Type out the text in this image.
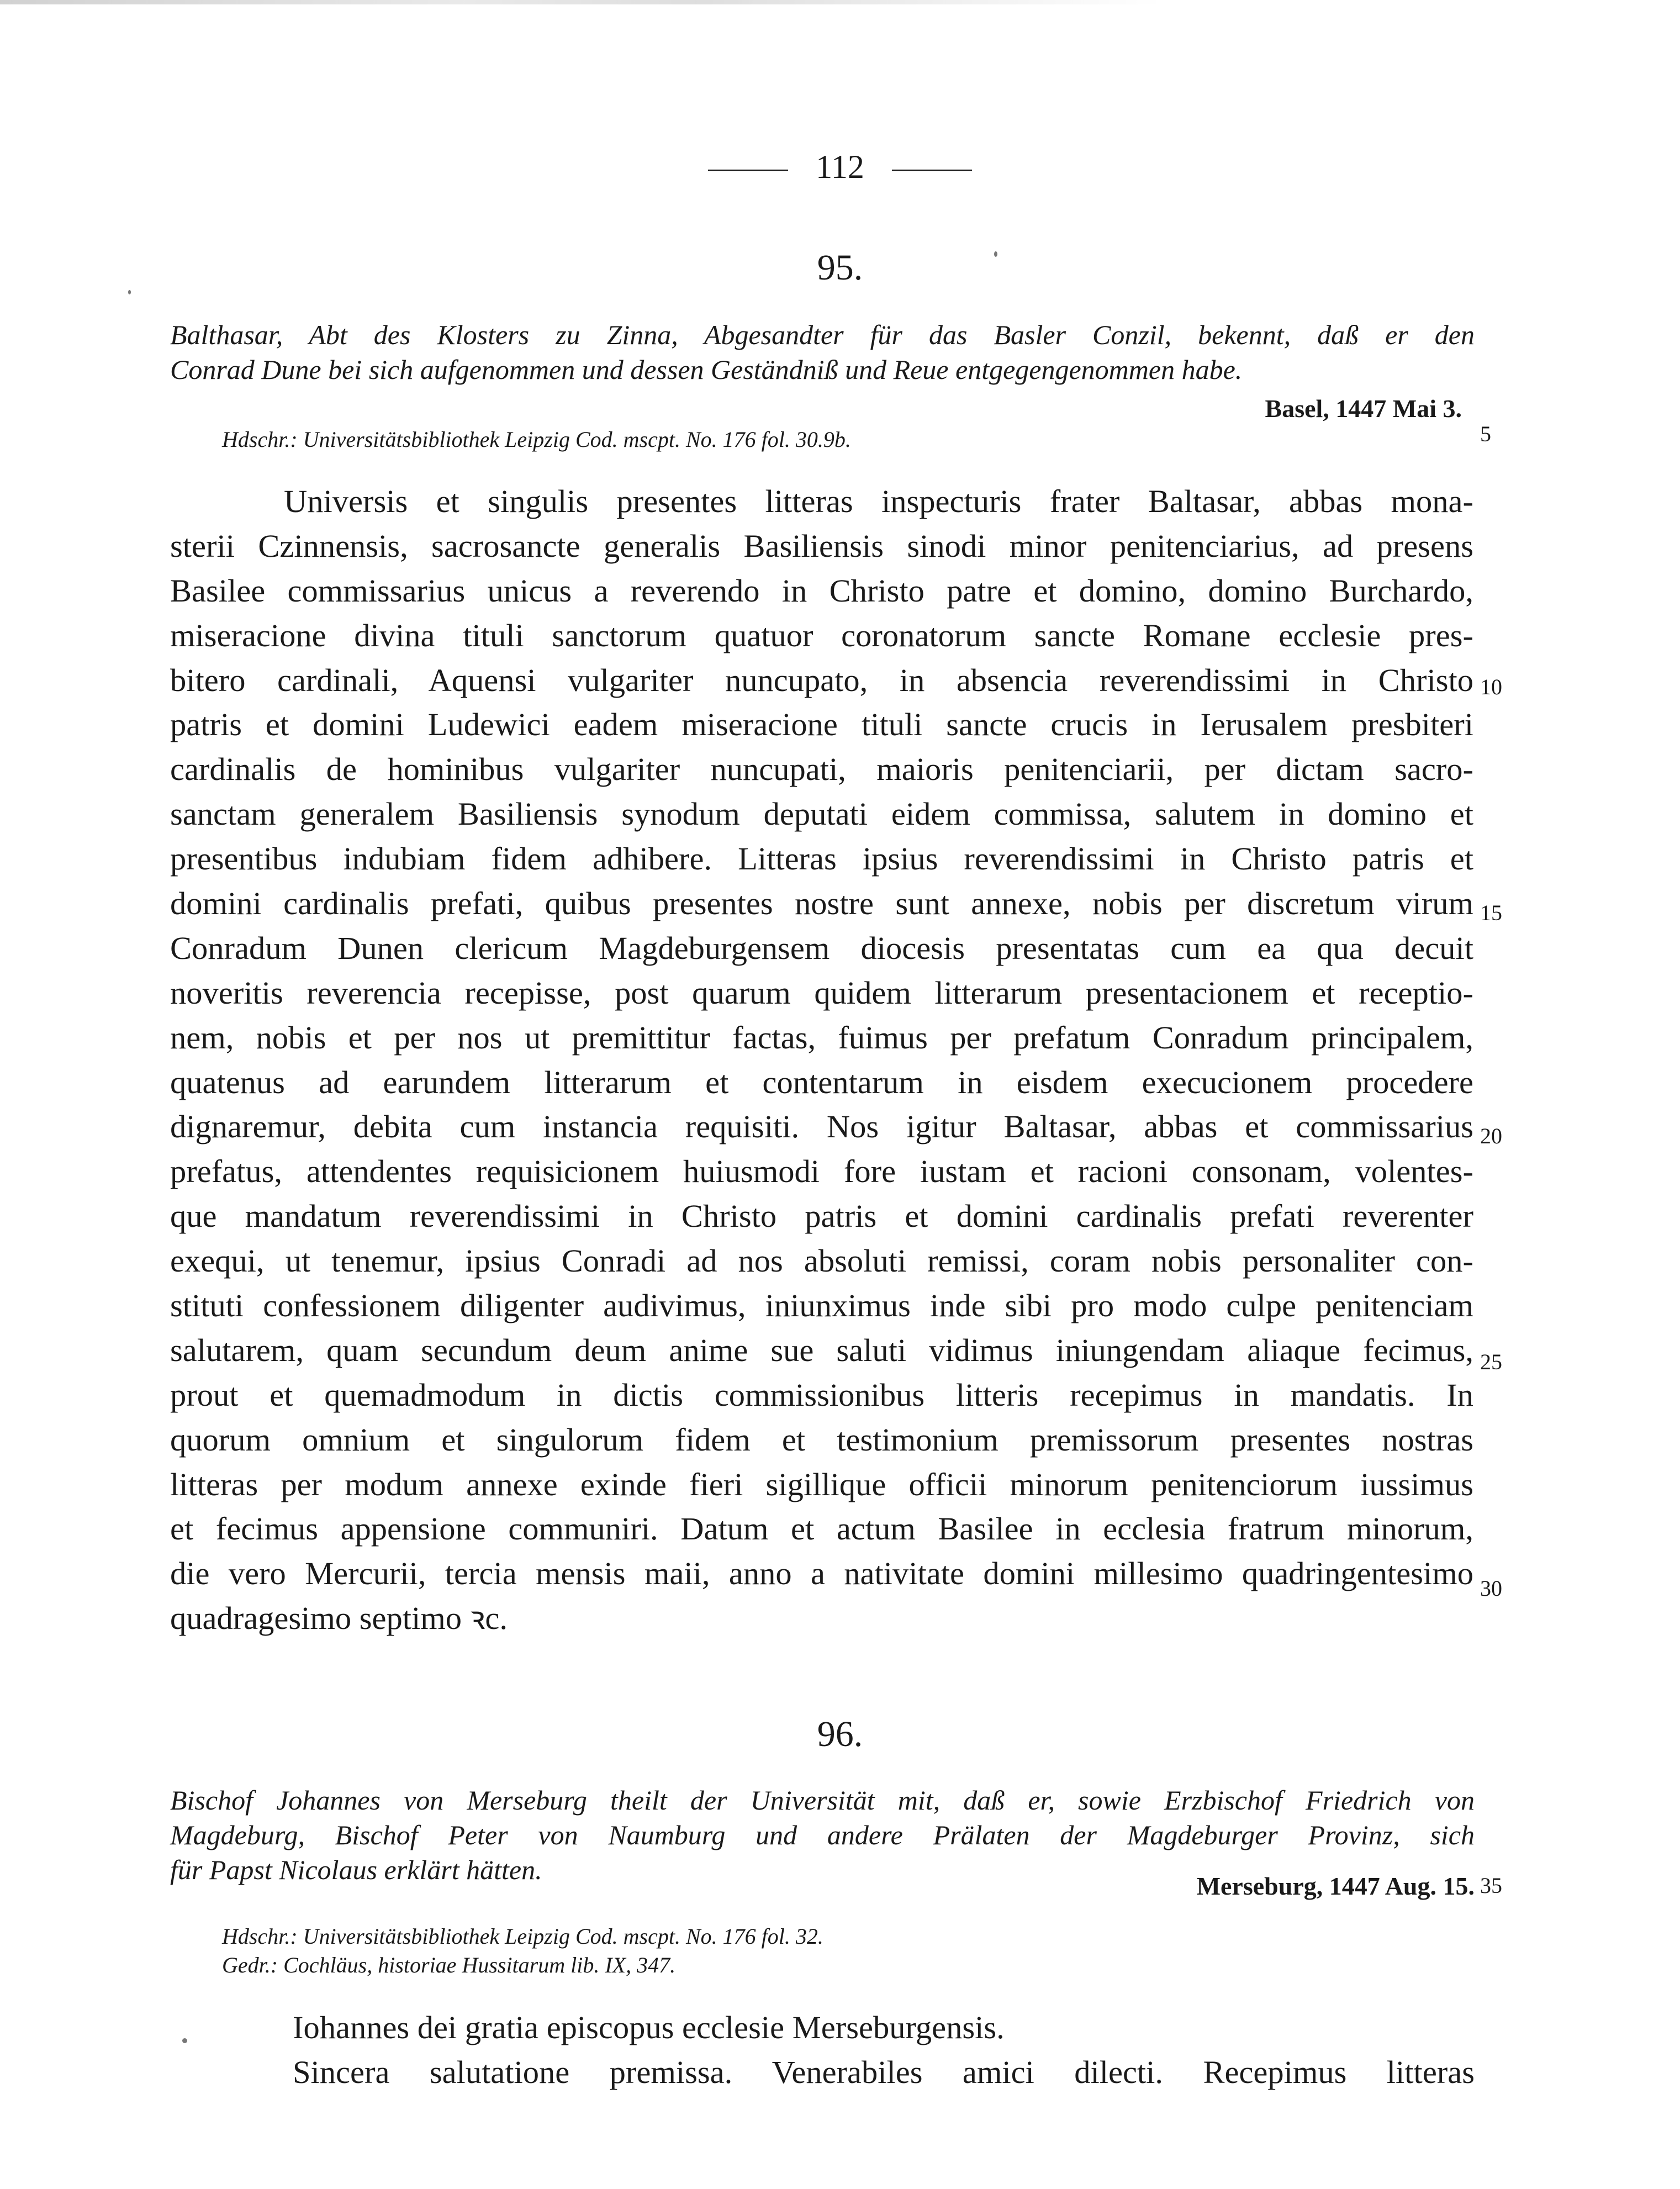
112
95.
Balthasar, Abt des Klosters zu Zinna, Abgesandter für das Basler Conzil, bekennt, daß er den
Conrad Dune bei sich aufgenommen und dessen Geständniß und Reue entgegengenommen habe.
Basel, 1447 Mai 3.
Hdschr.: Universitätsbibliothek Leipzig Cod. mscpt. No. 176 fol. 30.9b.
Universis et singulis presentes litteras inspecturis frater Baltasar, abbas mona-
sterii Czinnensis, sacrosancte generalis Basiliensis sinodi minor penitenciarius, ad presens
Basilee commissarius unicus a reverendo in Christo patre et domino, domino Burchardo,
miseracione divina tituli sanctorum quatuor coronatorum sancte Romane ecclesie pres-
bitero cardinali, Aquensi vulgariter nuncupato, in absencia reverendissimi in Christo
patris et domini Ludewici eadem miseracione tituli sancte crucis in Ierusalem presbiteri
cardinalis de hominibus vulgariter nuncupati, maioris penitenciarii, per dictam sacro-
sanctam generalem Basiliensis synodum deputati eidem commissa, salutem in domino et
presentibus indubiam fidem adhibere. Litteras ipsius reverendissimi in Christo patris et
domini cardinalis prefati, quibus presentes nostre sunt annexe, nobis per discretum virum
Conradum Dunen clericum Magdeburgensem diocesis presentatas cum ea qua decuit
noveritis reverencia recepisse, post quarum quidem litterarum presentacionem et receptio-
nem, nobis et per nos ut premittitur factas, fuimus per prefatum Conradum principalem,
quatenus ad earundem litterarum et contentarum in eisdem execucionem procedere
dignaremur, debita cum instancia requisiti. Nos igitur Baltasar, abbas et commissarius
prefatus, attendentes requisicionem huiusmodi fore iustam et racioni consonam, volentes-
que mandatum reverendissimi in Christo patris et domini cardinalis prefati reverenter
exequi, ut tenemur, ipsius Conradi ad nos absoluti remissi, coram nobis personaliter con-
stituti confessionem diligenter audivimus, iniunximus inde sibi pro modo culpe penitenciam
salutarem, quam secundum deum anime sue saluti vidimus iniungendam aliaque fecimus,
prout et quemadmodum in dictis commissionibus litteris recepimus in mandatis. In
quorum omnium et singulorum fidem et testimonium premissorum presentes nostras
litteras per modum annexe exinde fieri sigillique officii minorum penitenciorum iussimus
et fecimus appensione communiri. Datum et actum Basilee in ecclesia fratrum minorum,
die vero Mercurii, tercia mensis maii, anno a nativitate domini millesimo quadringentesimo
quadragesimo septimo ꝛc.
96.
Bischof Johannes von Merseburg theilt der Universität mit, daß er, sowie Erzbischof Friedrich von
Magdeburg, Bischof Peter von Naumburg und andere Prälaten der Magdeburger Provinz, sich
für Papst Nicolaus erklärt hätten.
Merseburg, 1447 Aug. 15.
Hdschr.: Universitätsbibliothek Leipzig Cod. mscpt. No. 176 fol. 32.
Gedr.: Cochläus, historiae Hussitarum lib. IX, 347.
Iohannes dei gratia episcopus ecclesie Merseburgensis.
Sincera salutatione premissa. Venerabiles amici dilecti. Recepimus litteras
5
10
15
20
25
30
35
